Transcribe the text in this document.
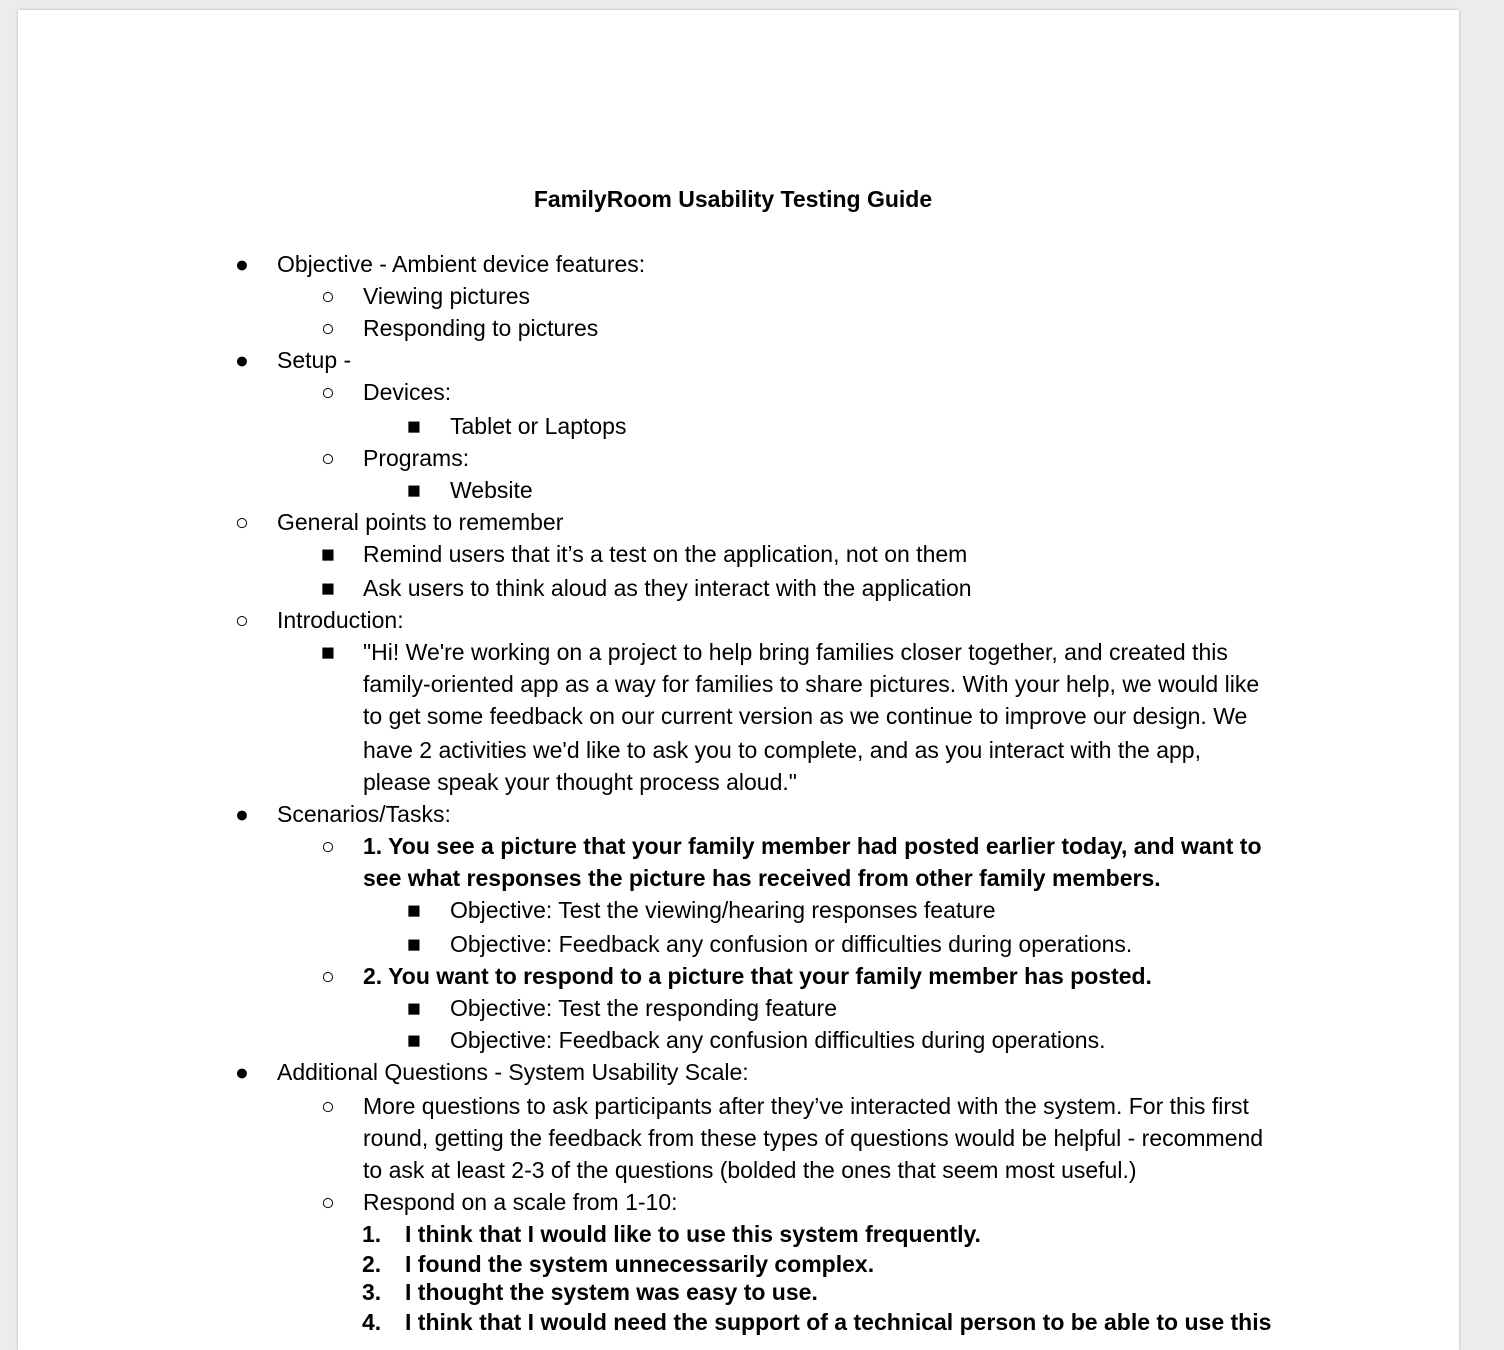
FamilyRoom Usability Testing Guide
● Objective - Ambient device features:
○ Viewing pictures
○ Responding to pictures
● Setup -
○ Devices:
■ Tablet or Laptops
○ Programs:
■ Website
○ General points to remember
■ Remind users that it’s a test on the application, not on them
■ Ask users to think aloud as they interact with the application
○ Introduction:
■ "Hi! We're working on a project to help bring families closer together, and created this
family-oriented app as a way for families to share pictures. With your help, we would like
to get some feedback on our current version as we continue to improve our design. We
have 2 activities we'd like to ask you to complete, and as you interact with the app,
please speak your thought process aloud."
● Scenarios/Tasks:
○ 1. You see a picture that your family member had posted earlier today, and want to
see what responses the picture has received from other family members.
■ Objective: Test the viewing/hearing responses feature
■ Objective: Feedback any confusion or difficulties during operations.
○ 2. You want to respond to a picture that your family member has posted.
■ Objective: Test the responding feature
■ Objective: Feedback any confusion difficulties during operations.
● Additional Questions - System Usability Scale:
○ More questions to ask participants after they’ve interacted with the system. For this first
round, getting the feedback from these types of questions would be helpful - recommend
to ask at least 2-3 of the questions (bolded the ones that seem most useful.)
○ Respond on a scale from 1-10:
1. I think that I would like to use this system frequently.
2. I found the system unnecessarily complex.
3. I thought the system was easy to use.
4. I think that I would need the support of a technical person to be able to use this
